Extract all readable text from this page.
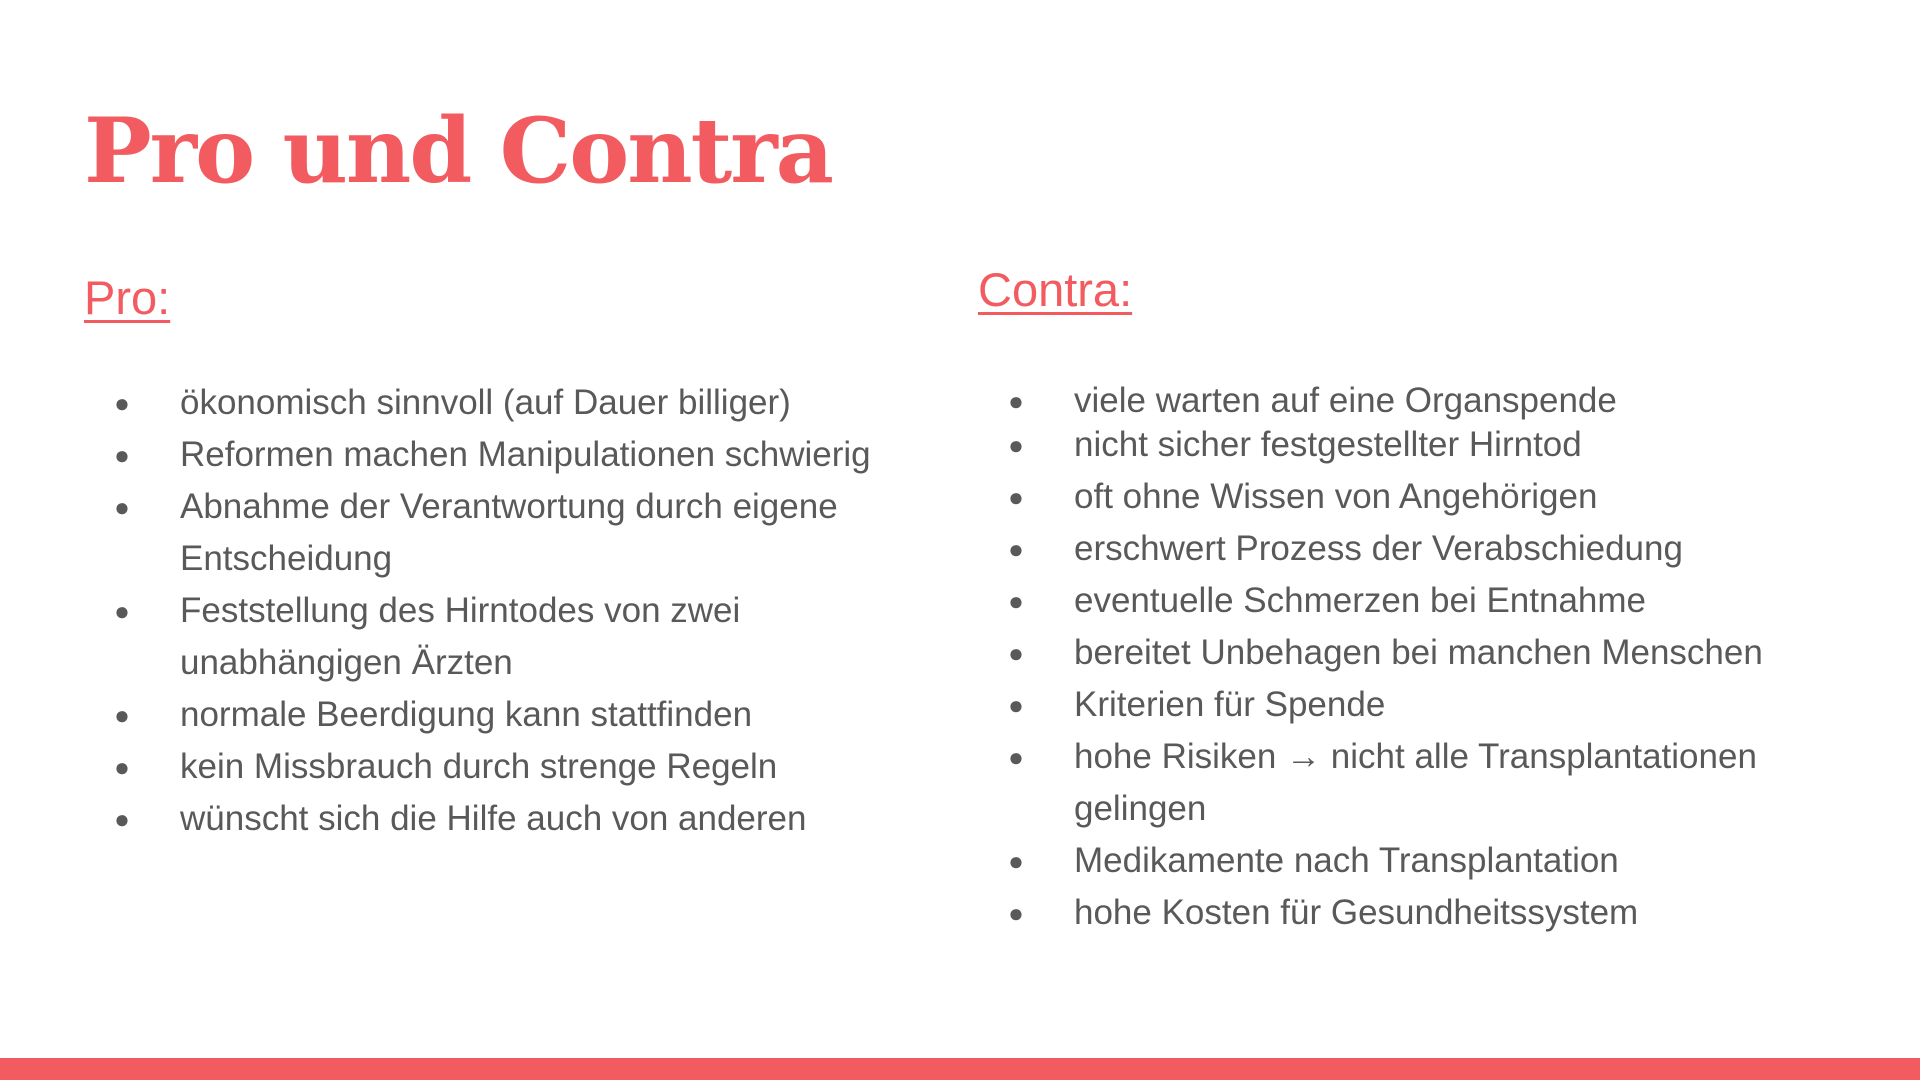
Pro und Contra
Pro:
● ökonomisch sinnvoll (auf Dauer billiger)
● Reformen machen Manipulationen schwierig
● Abnahme der Verantwortung durch eigene Entscheidung
● Feststellung des Hirntodes von zwei unabhängigen Ärzten
● normale Beerdigung kann stattfinden
● kein Missbrauch durch strenge Regeln
● wünscht sich die Hilfe auch von anderen
Contra:
● viele warten auf eine Organspende
● nicht sicher festgestellter Hirntod
● oft ohne Wissen von Angehörigen
● erschwert Prozess der Verabschiedung
● eventuelle Schmerzen bei Entnahme
● bereitet Unbehagen bei manchen Menschen
● Kriterien für Spende
● hohe Risiken → nicht alle Transplantationen gelingen
● Medikamente nach Transplantation
● hohe Kosten für Gesundheitssystem
